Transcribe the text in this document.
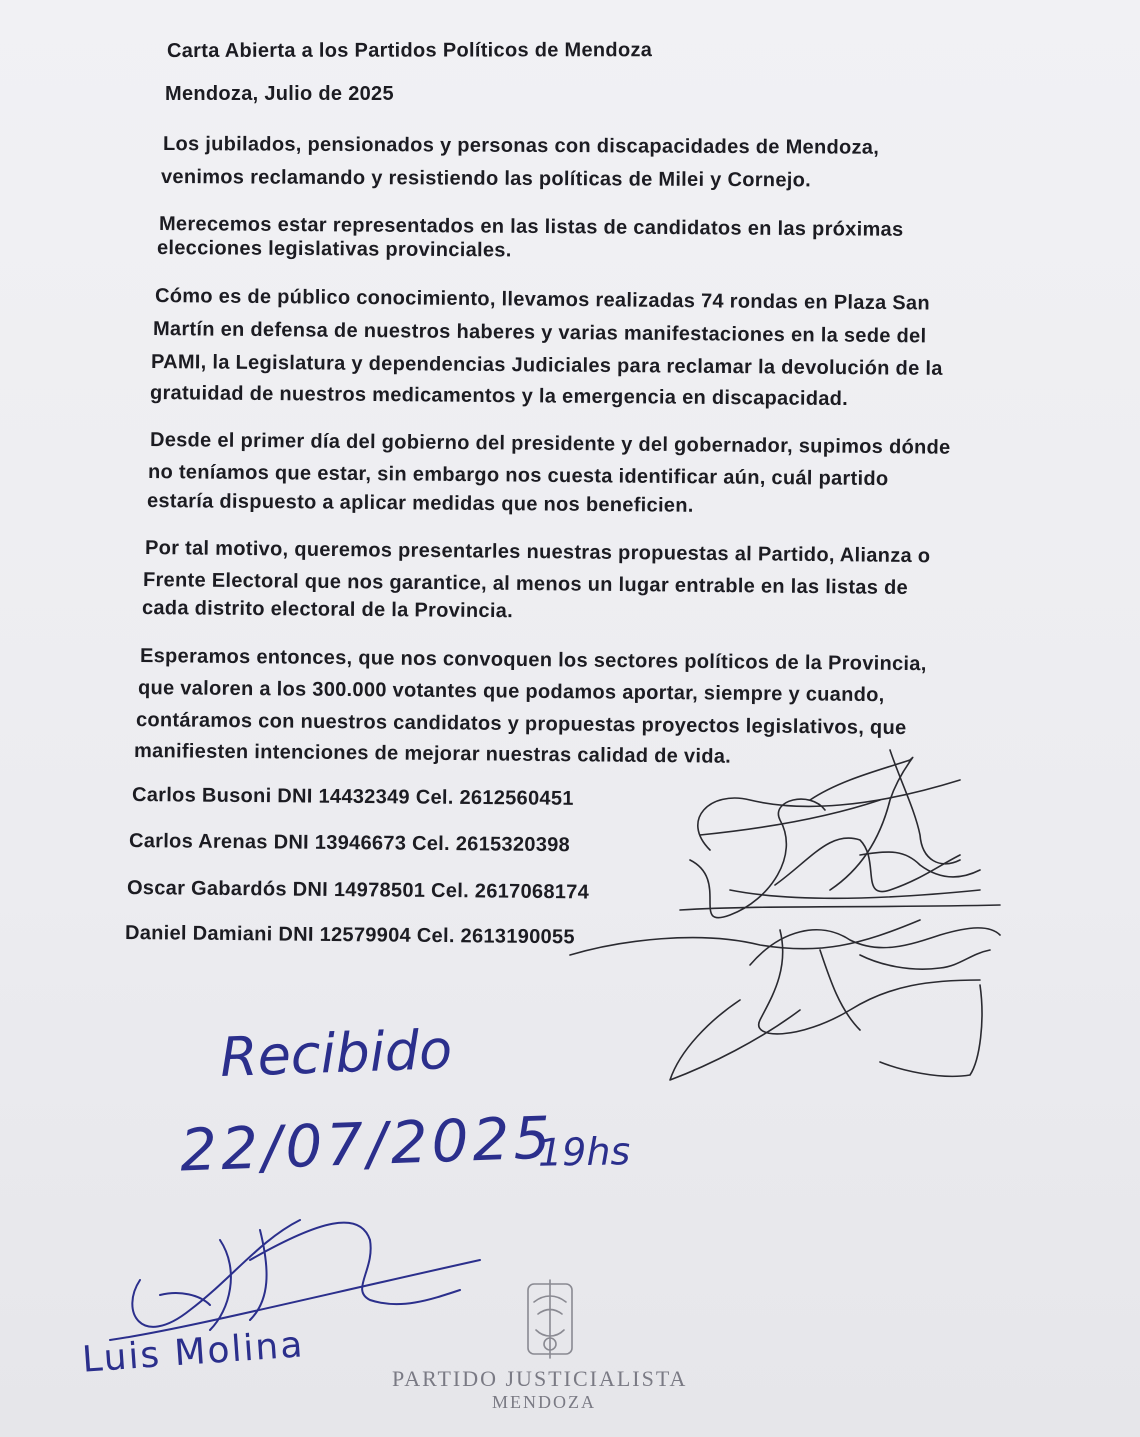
Carta Abierta a los Partidos Políticos de Mendoza
Mendoza, Julio de 2025
Los jubilados, pensionados y personas con discapacidades de Mendoza,
venimos reclamando y resistiendo las políticas de Milei y Cornejo.
Merecemos estar representados en las listas de candidatos en las próximas
elecciones legislativas provinciales.
Cómo es de público conocimiento, llevamos realizadas 74 rondas en Plaza San
Martín en defensa de nuestros haberes y varias manifestaciones en la sede del
PAMI, la Legislatura y dependencias Judiciales para reclamar la devolución de la
gratuidad de nuestros medicamentos y la emergencia en discapacidad.
Desde el primer día del gobierno del presidente y del gobernador, supimos dónde
no teníamos que estar, sin embargo nos cuesta identificar aún, cuál partido
estaría dispuesto a aplicar medidas que nos beneficien.
Por tal motivo, queremos presentarles nuestras propuestas al Partido, Alianza o
Frente Electoral que nos garantice, al menos un lugar entrable en las listas de
cada distrito electoral de la Provincia.
Esperamos entonces, que nos convoquen los sectores políticos de la Provincia,
que valoren a los 300.000 votantes que podamos aportar, siempre y cuando,
contáramos con nuestros candidatos y propuestas proyectos legislativos, que
manifiesten intenciones de mejorar nuestras calidad de vida.
Carlos Busoni DNI 14432349 Cel. 2612560451
Carlos Arenas DNI 13946673 Cel. 2615320398
Oscar Gabardós DNI 14978501 Cel. 2617068174
Daniel Damiani DNI 12579904 Cel. 2613190055
Recibido
22/07/2025
19hs
Luis Molina	PARTIDO JUSTICIALISTA
MENDOZA
